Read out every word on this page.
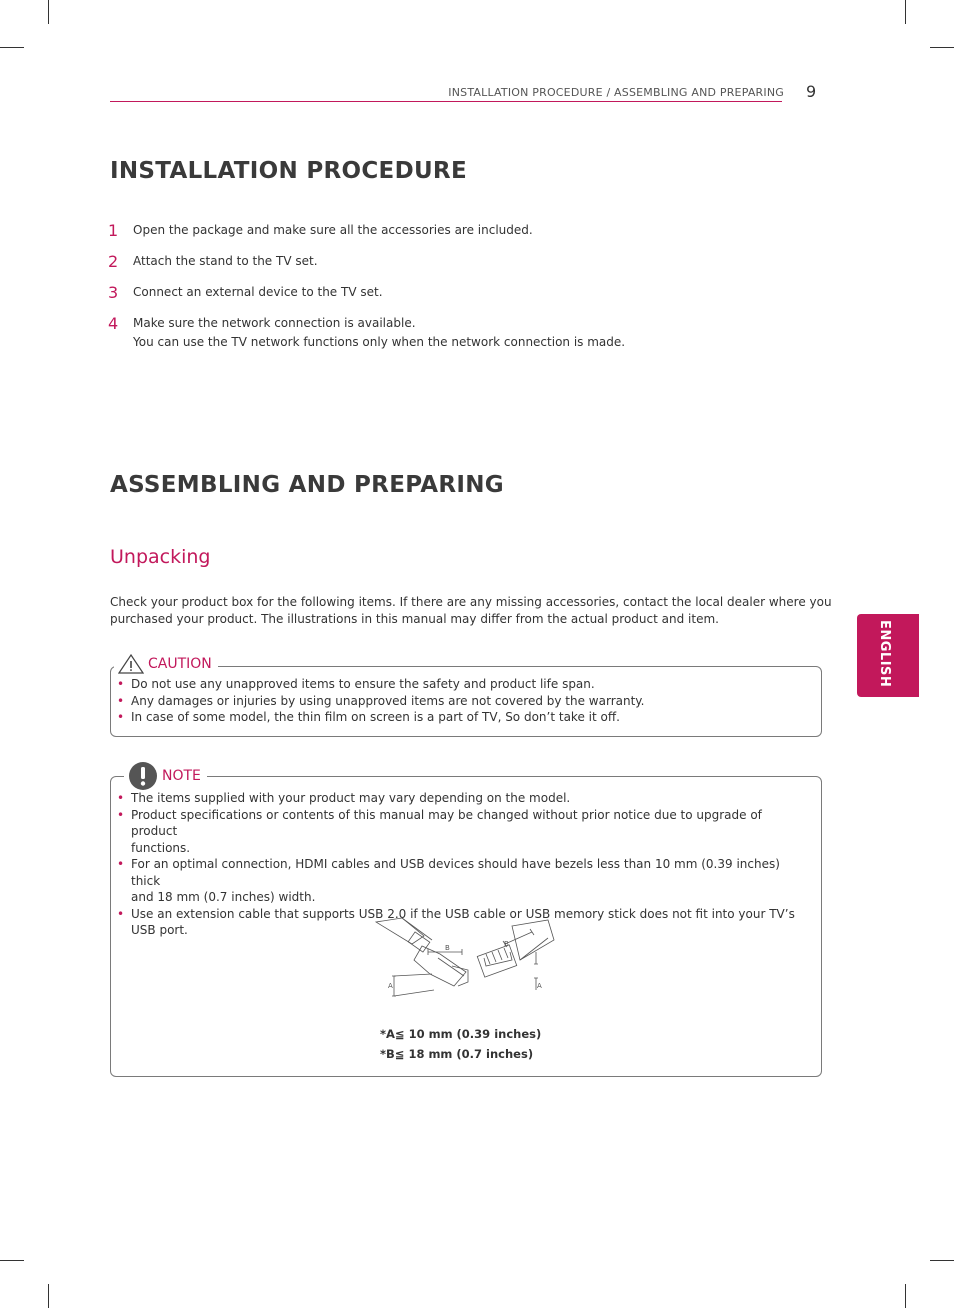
INSTALLATION PROCEDURE / ASSEMBLING AND PREPARING 9
ENGLISH
INSTALLATION PROCEDURE
1	Open the package and make sure all the accessories are included.
2	Attach the stand to the TV set.
3	Connect an external device to the TV set.
4	Make sure the network connection is available.
You can use the TV network functions only when the network connection is made.
ASSEMBLING AND PREPARING
Unpacking
Check your product box for the following items. If there are any missing accessories, contact the local dealer where you
purchased your product. The illustrations in this manual may differ from the actual product and item.
CAUTION
• Do not use any unapproved items to ensure the safety and product life span.
• Any damages or injuries by using unapproved items are not covered by the warranty.
• In case of some model, the thin film on screen is a part of TV, So don’t take it off.
NOTE
• The items supplied with your product may vary depending on the model.
• Product specifications or contents of this manual may be changed without prior notice due to upgrade of product
functions.
• For an optimal connection, HDMI cables and USB devices should have bezels less than 10 mm (0.39 inches) thick
and 18 mm (0.7 inches) width.
• Use an extension cable that supports USB 2.0 if the USB cable or USB memory stick does not fit into your TV’s
USB port.
B
A
B
A
*A≦ 10 mm (0.39 inches)
*B≦ 18 mm (0.7 inches)
